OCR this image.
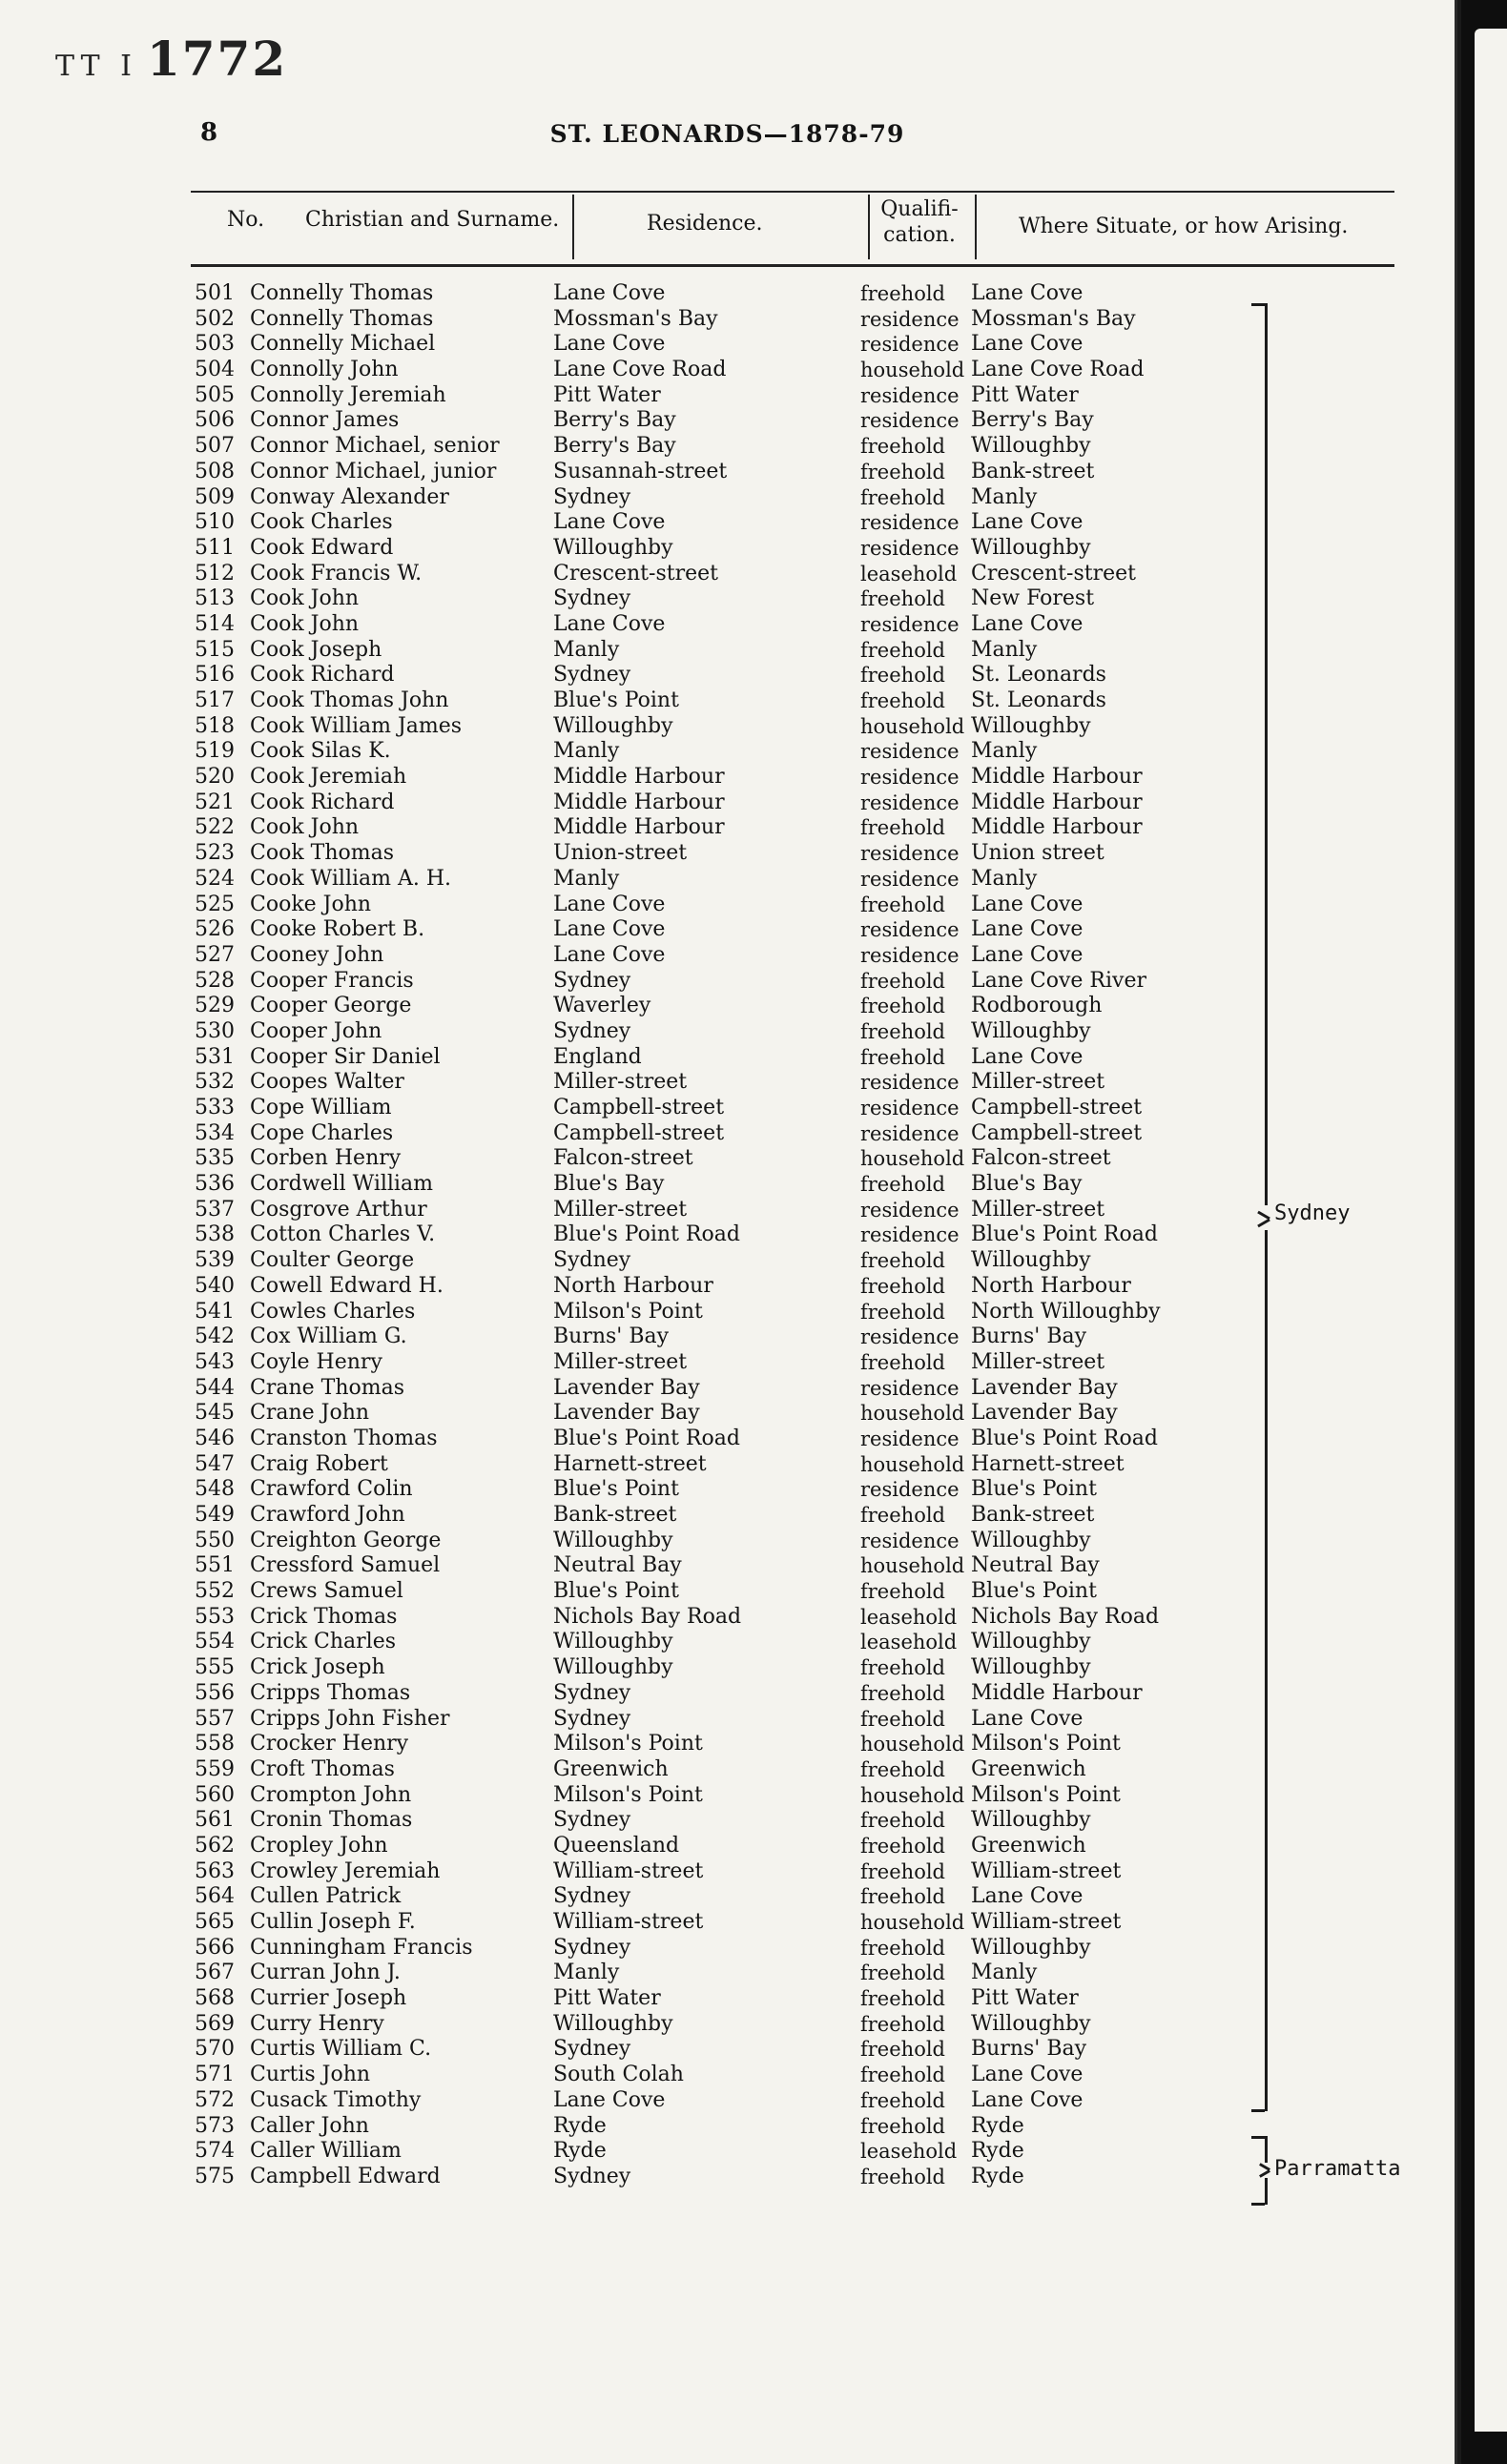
TT I 1772
8	ST. LEONARDS—1878-79
No. Christian and Surname.	Residence.
Qualifi- cation.	Where Situate, or how Arising.
501 Connelly Thomas	Lane Cove	freehold Lane Cove
502 Connelly Thomas	Mossman's Bay	residence Mossman's Bay
503 Connelly Michael	Lane Cove	residence Lane Cove
504 Connolly John	Lane Cove Road	household Lane Cove Road
505 Connolly Jeremiah	Pitt Water	residence Pitt Water
506 Connor James	Berry's Bay	residence Berry's Bay
507 Connor Michael, senior	Berry's Bay	freehold Willoughby
508 Connor Michael, junior	Susannah-street	freehold Bank-street
509 Conway Alexander	Sydney	freehold Manly
510 Cook Charles	Lane Cove	residence Lane Cove
511 Cook Edward	Willoughby	residence Willoughby
512 Cook Francis W.	Crescent-street	leasehold Crescent-street
513 Cook John	Sydney	freehold New Forest
514 Cook John	Lane Cove	residence Lane Cove
515 Cook Joseph	Manly	freehold Manly
516 Cook Richard	Sydney	freehold St. Leonards
517 Cook Thomas John	Blue's Point	freehold St. Leonards
518 Cook William James	Willoughby	household Willoughby
519 Cook Silas K.	Manly	residence Manly
520 Cook Jeremiah	Middle Harbour	residence Middle Harbour
521 Cook Richard	Middle Harbour	residence Middle Harbour
522 Cook John	Middle Harbour	freehold Middle Harbour
523 Cook Thomas	Union-street	residence Union street
524 Cook William A. H.	Manly	residence Manly
525 Cooke John	Lane Cove	freehold Lane Cove
526 Cooke Robert B.	Lane Cove	residence Lane Cove
527 Cooney John	Lane Cove	residence Lane Cove
528 Cooper Francis	Sydney	freehold Lane Cove River
529 Cooper George	Waverley	freehold Rodborough
530 Cooper John	Sydney	freehold Willoughby
531 Cooper Sir Daniel	England	freehold Lane Cove
532 Coopes Walter	Miller-street	residence Miller-street
533 Cope William	Campbell-street	residence Campbell-street
534 Cope Charles	Campbell-street	residence Campbell-street
535 Corben Henry	Falcon-street	household Falcon-street
536 Cordwell William	Blue's Bay	freehold Blue's Bay
537 Cosgrove Arthur	Miller-street	residence Miller-street
538 Cotton Charles V.	Blue's Point Road	residence Blue's Point Road
539 Coulter George	Sydney	freehold Willoughby
540 Cowell Edward H.	North Harbour	freehold North Harbour
541 Cowles Charles	Milson's Point	freehold North Willoughby
542 Cox William G.	Burns' Bay	residence Burns' Bay
543 Coyle Henry	Miller-street	freehold Miller-street
544 Crane Thomas	Lavender Bay	residence Lavender Bay
545 Crane John	Lavender Bay	household Lavender Bay
546 Cranston Thomas	Blue's Point Road	residence Blue's Point Road
547 Craig Robert	Harnett-street	household Harnett-street
548 Crawford Colin	Blue's Point	residence Blue's Point
549 Crawford John	Bank-street	freehold Bank-street
550 Creighton George	Willoughby	residence Willoughby
551 Cressford Samuel	Neutral Bay	household Neutral Bay
552 Crews Samuel	Blue's Point	freehold Blue's Point
553 Crick Thomas	Nichols Bay Road	leasehold Nichols Bay Road
554 Crick Charles	Willoughby	leasehold Willoughby
555 Crick Joseph	Willoughby	freehold Willoughby
556 Cripps Thomas	Sydney	freehold Middle Harbour
557 Cripps John Fisher	Sydney	freehold Lane Cove
558 Crocker Henry	Milson's Point	household Milson's Point
559 Croft Thomas	Greenwich	freehold Greenwich
560 Crompton John	Milson's Point	household Milson's Point
561 Cronin Thomas	Sydney	freehold Willoughby
562 Cropley John	Queensland	freehold Greenwich
563 Crowley Jeremiah	William-street	freehold William-street
564 Cullen Patrick	Sydney	freehold Lane Cove
565 Cullin Joseph F.	William-street	household William-street
566 Cunningham Francis	Sydney	freehold Willoughby
567 Curran John J.	Manly	freehold Manly
568 Currier Joseph	Pitt Water	freehold Pitt Water
569 Curry Henry	Willoughby	freehold Willoughby
570 Curtis William C.	Sydney	freehold Burns' Bay
571 Curtis John	South Colah	freehold Lane Cove
572 Cusack Timothy	Lane Cove	freehold Lane Cove
573 Caller John	Ryde	freehold Ryde
574 Caller William	Ryde	leasehold Ryde
575 Campbell Edward	Sydney	freehold Ryde
Sydney
Parramatta
